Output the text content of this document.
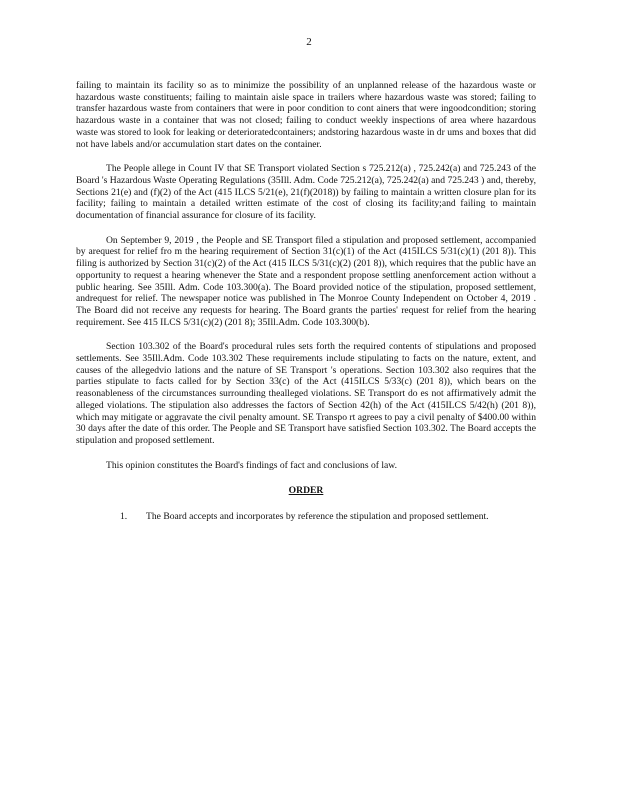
2

failing to maintain its facility so as to minimize the possibility of an unplanned release of the hazardous waste or hazardous waste constituents; failing to maintain aisle space in trailers where hazardous waste was stored; failing to transfer hazardous waste from containers that were in poor condition to cont ainers that were ingoodcondition; storing hazardous waste in a container that was not closed; failing to conduct weekly inspections of area where hazardous waste was stored to look for leaking or deterioratedcontainers; andstoring hazardous waste in dr ums and boxes that did not have labels and/or accumulation start dates on the container.

The People allege in Count IV that SE Transport violated Section s 725.212(a) , 725.242(a) and 725.243 of the Board 's Hazardous Waste Operating Regulations (35Ill. Adm. Code 725.212(a), 725.242(a) and 725.243 ) and, thereby, Sections 21(e) and (f)(2) of the Act (415 ILCS 5/21(e), 21(f)(2018)) by failing to maintain a written closure plan for its facility; failing to maintain a detailed written estimate of the cost of closing its facility;and failing to maintain documentation of financial assurance for closure of its facility.

On September 9, 2019 , the People and SE Transport filed a stipulation and proposed settlement, accompanied by arequest for relief fro m the hearing requirement of Section 31(c)(1) of the Act (415ILCS 5/31(c)(1) (201 8)). This filing is authorized by Section 31(c)(2) of the Act (415 ILCS 5/31(c)(2) (201 8)), which requires that the public have an opportunity to request a hearing whenever the State and a respondent propose settling anenforcement action without a public hearing. See 35Ill. Adm. Code 103.300(a). The Board provided notice of the stipulation, proposed settlement, andrequest for relief. The newspaper notice was published in The Monroe County Independent on October 4, 2019 . The Board did not receive any requests for hearing. The Board grants the parties' request for relief from the hearing requirement. See 415 ILCS 5/31(c)(2) (201 8); 35Ill.Adm. Code 103.300(b).

Section 103.302 of the Board's procedural rules sets forth the required contents of stipulations and proposed settlements. See 35Ill.Adm. Code 103.302 These requirements include stipulating to facts on the nature, extent, and causes of the allegedvio lations and the nature of SE Transport 's operations. Section 103.302 also requires that the parties stipulate to facts called for by Section 33(c) of the Act (415ILCS 5/33(c) (201 8)), which bears on the reasonableness of the circumstances surrounding thealleged violations. SE Transport do es not affirmatively admit the alleged violations. The stipulation also addresses the factors of Section 42(h) of the Act (415ILCS 5/42(h) (201 8)), which may mitigate or aggravate the civil penalty amount. SE Transpo rt agrees to pay a civil penalty of $400.00 within 30 days after the date of this order. The People and SE Transport have satisfied Section 103.302. The Board accepts the stipulation and proposed settlement.

This opinion constitutes the Board's findings of fact and conclusions of law.

ORDER
1.	The Board accepts and incorporates by reference the stipulation and proposed settlement.
